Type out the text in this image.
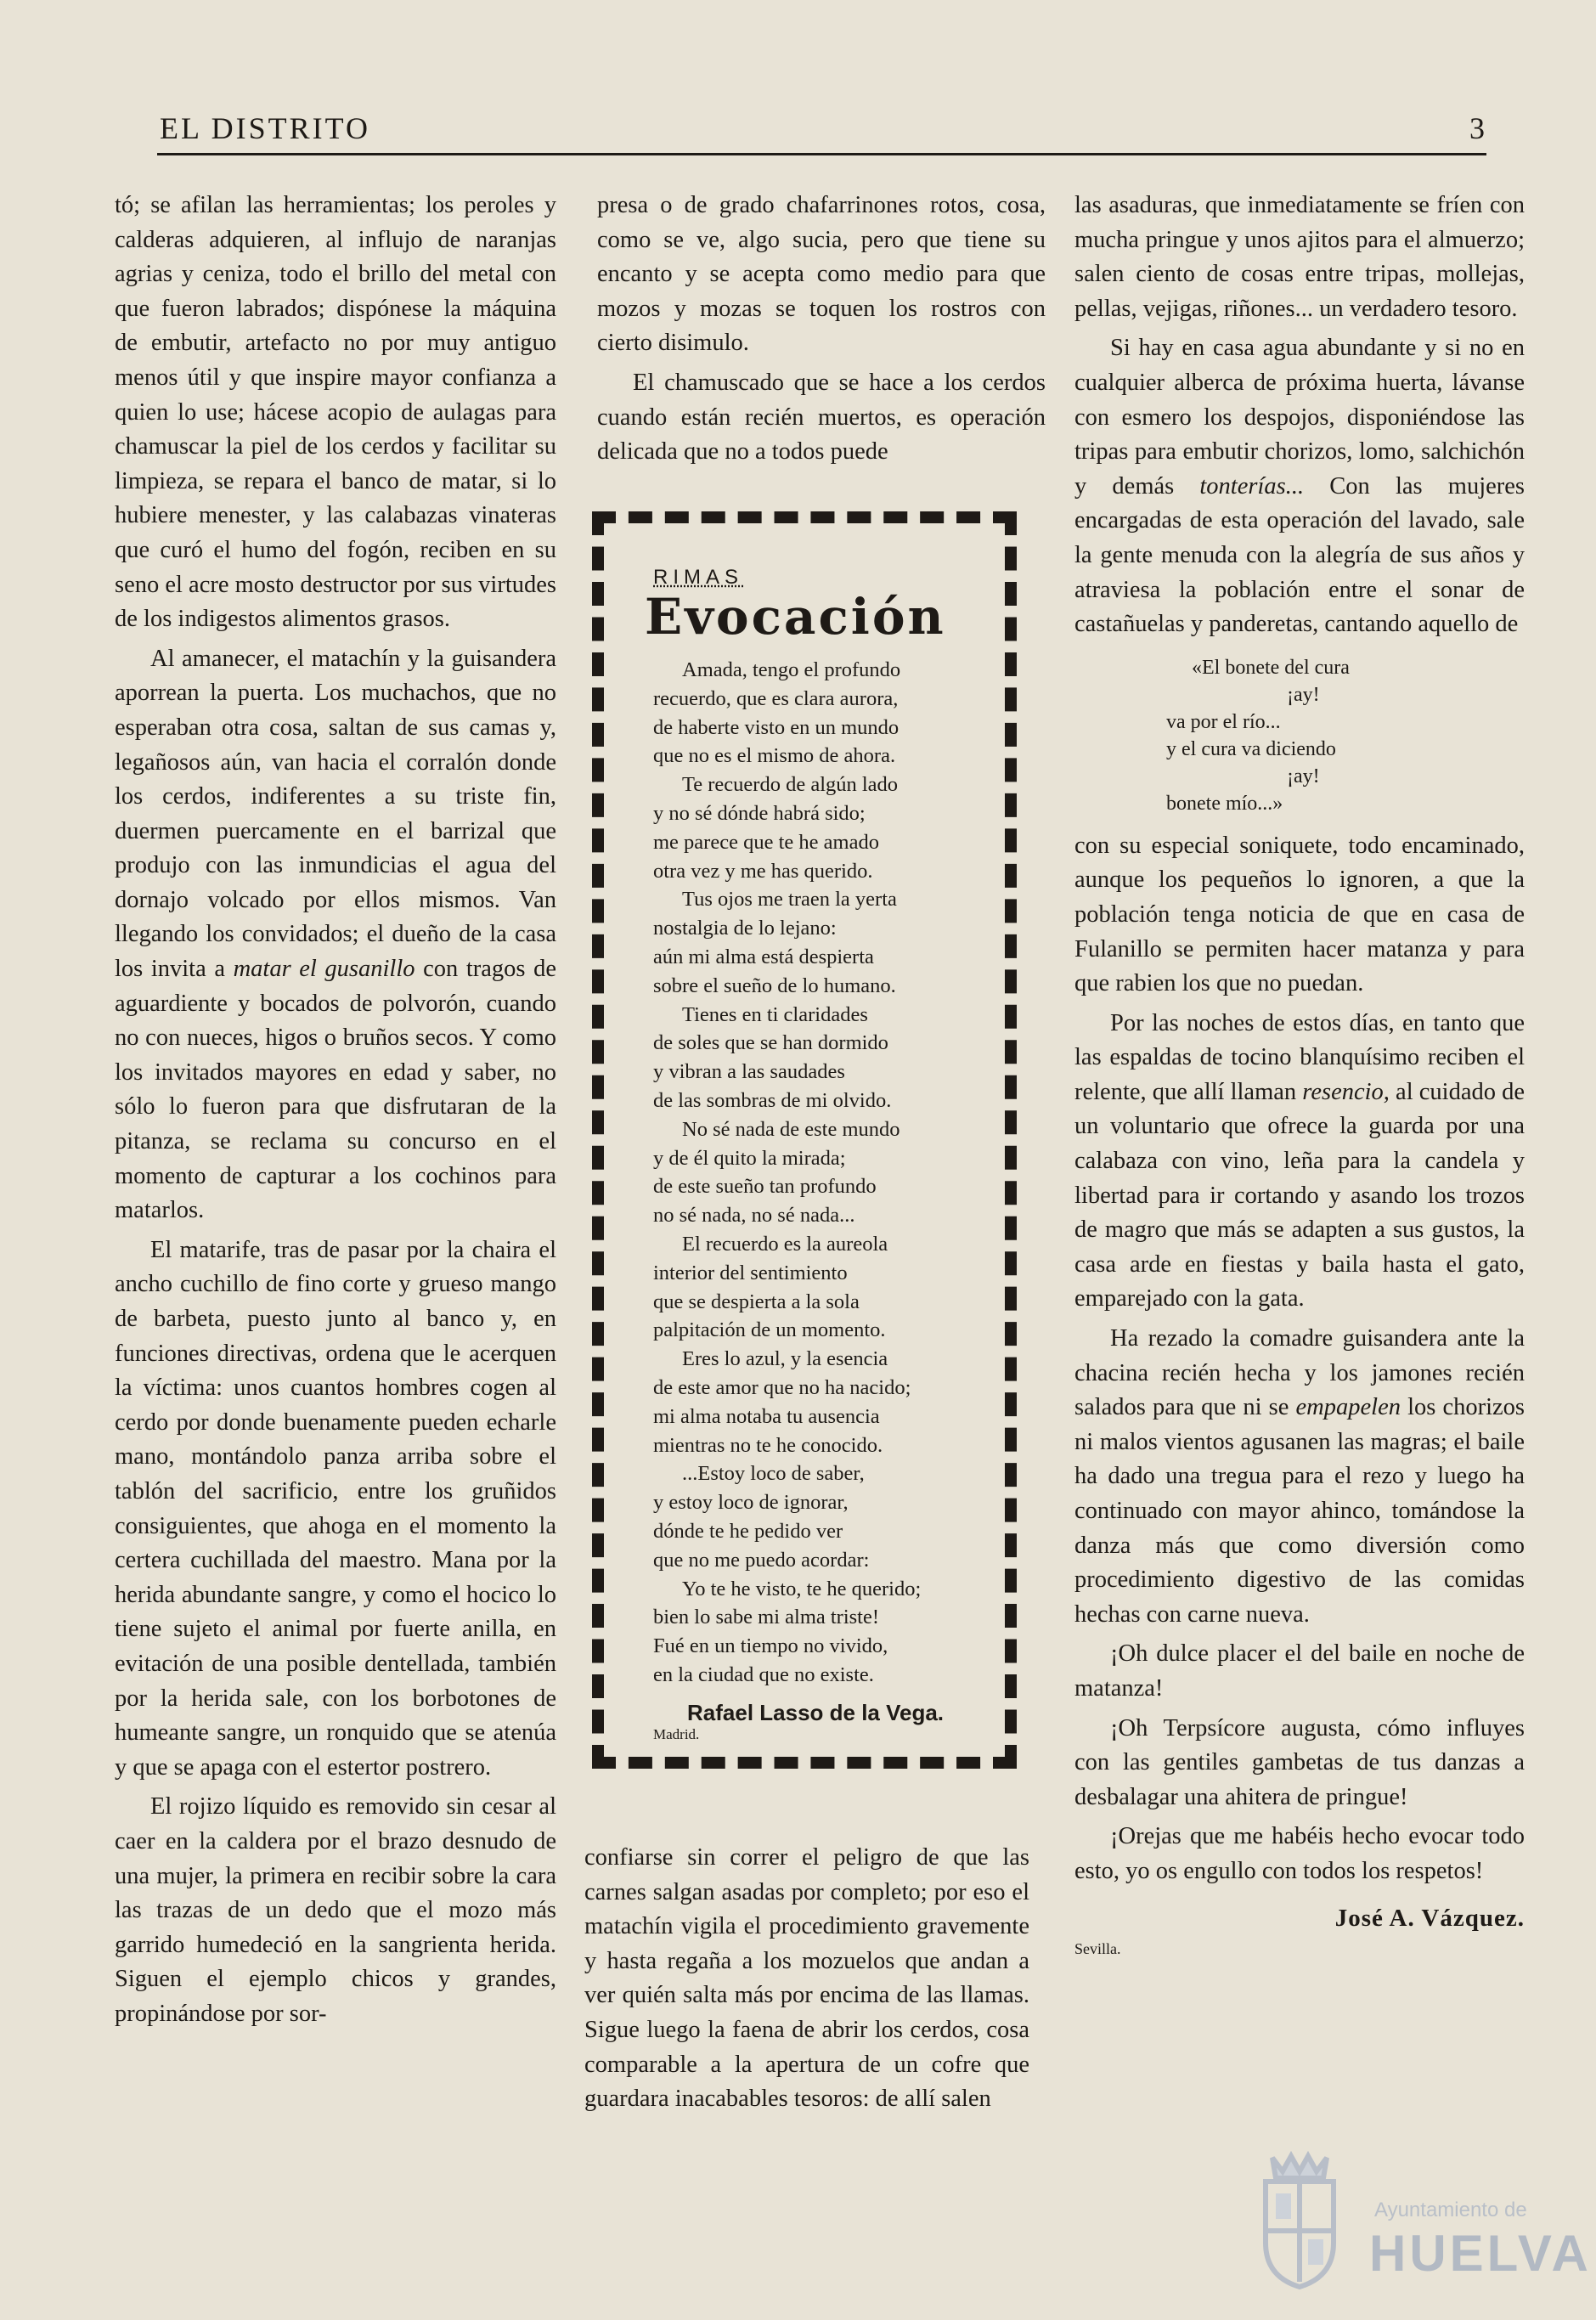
EL DISTRITO	3

tó; se afilan las herramientas; los peroles y calderas adquieren, al influjo de naranjas agrias y ceniza, todo el brillo del metal con que fueron labrados; dispónese la máquina de embutir, artefacto no por muy antiguo menos útil y que inspire mayor confianza a quien lo use; hácese acopio de aulagas para chamuscar la piel de los cerdos y facilitar su limpieza, se repara el banco de matar, si lo hubiere menester, y las calabazas vinateras que curó el humo del fogón, reciben en su seno el acre mosto destructor por sus virtudes de los indigestos alimentos grasos.

Al amanecer, el matachín y la guisandera aporrean la puerta. Los muchachos, que no esperaban otra cosa, saltan de sus camas y, legañosos aún, van hacia el corralón donde los cerdos, indiferentes a su triste fin, duermen puercamente en el barrizal que produjo con las inmundicias el agua del dornajo volcado por ellos mismos. Van llegando los convidados; el dueño de la casa los invita a matar el gusanillo con tragos de aguardiente y bocados de polvorón, cuando no con nueces, higos o bruños secos. Y como los invitados mayores en edad y saber, no sólo lo fueron para que disfrutaran de la pitanza, se reclama su concurso en el momento de capturar a los cochinos para matarlos.

El matarife, tras de pasar por la chaira el ancho cuchillo de fino corte y grueso mango de barbeta, puesto junto al banco y, en funciones directivas, ordena que le acerquen la víctima: unos cuantos hombres cogen al cerdo por donde buenamente pueden echarle mano, montándolo panza arriba sobre el tablón del sacrificio, entre los gruñidos consiguientes, que ahoga en el momento la certera cuchillada del maestro. Mana por la herida abundante sangre, y como el hocico lo tiene sujeto el animal por fuerte anilla, en evitación de una posible dentellada, también por la herida sale, con los borbotones de humeante sangre, un ronquido que se atenúa y que se apaga con el estertor postrero.

El rojizo líquido es removido sin cesar al caer en la caldera por el brazo desnudo de una mujer, la primera en recibir sobre la cara las trazas de un dedo que el mozo más garrido humedeció en la sangrienta herida. Siguen el ejemplo chicos y grandes, propinándose por sor-

presa o de grado chafarrinones rotos, cosa, como se ve, algo sucia, pero que tiene su encanto y se acepta como medio para que mozos y mozas se toquen los rostros con cierto disimulo.

El chamuscado que se hace a los cerdos cuando están recién muertos, es operación delicada que no a todos puede

RIMAS
Evocación
Amada, tengo el profundo
recuerdo, que es clara aurora,
de haberte visto en un mundo
que no es el mismo de ahora.
Te recuerdo de algún lado
y no sé dónde habrá sido;
me parece que te he amado
otra vez y me has querido.
Tus ojos me traen la yerta
nostalgia de lo lejano:
aún mi alma está despierta
sobre el sueño de lo humano.
Tienes en ti claridades
de soles que se han dormido
y vibran a las saudades
de las sombras de mi olvido.
No sé nada de este mundo
y de él quito la mirada;
de este sueño tan profundo
no sé nada, no sé nada...
El recuerdo es la aureola
interior del sentimiento
que se despierta a la sola
palpitación de un momento.
Eres lo azul, y la esencia
de este amor que no ha nacido;
mi alma notaba tu ausencia
mientras no te he conocido.
...Estoy loco de saber,
y estoy loco de ignorar,
dónde te he pedido ver
que no me puedo acordar:
Yo te he visto, te he querido;
bien lo sabe mi alma triste!
Fué en un tiempo no vivido,
en la ciudad que no existe.
Rafael Lasso de la Vega.
Madrid.

confiarse sin correr el peligro de que las carnes salgan asadas por completo; por eso el matachín vigila el procedimiento gravemente y hasta regaña a los mozuelos que andan a ver quién salta más por encima de las llamas. Sigue luego la faena de abrir los cerdos, cosa comparable a la apertura de un cofre que guardara inacabables tesoros: de allí salen

las asaduras, que inmediatamente se fríen con mucha pringue y unos ajitos para el almuerzo; salen ciento de cosas entre tripas, mollejas, pellas, vejigas, riñones... un verdadero tesoro.

Si hay en casa agua abundante y si no en cualquier alberca de próxima huerta, lávanse con esmero los despojos, disponiéndose las tripas para embutir chorizos, lomo, salchichón y demás tonterías... Con las mujeres encargadas de esta operación del lavado, sale la gente menuda con la alegría de sus años y atraviesa la población entre el sonar de castañuelas y panderetas, cantando aquello de

«El bonete del cura
¡ay!
va por el río...
y el cura va diciendo
¡ay!
bonete mío...»

con su especial soniquete, todo encaminado, aunque los pequeños lo ignoren, a que la población tenga noticia de que en casa de Fulanillo se permiten hacer matanza y para que rabien los que no puedan.

Por las noches de estos días, en tanto que las espaldas de tocino blanquísimo reciben el relente, que allí llaman resencio, al cuidado de un voluntario que ofrece la guarda por una calabaza con vino, leña para la candela y libertad para ir cortando y asando los trozos de magro que más se adapten a sus gustos, la casa arde en fiestas y baila hasta el gato, emparejado con la gata.

Ha rezado la comadre guisandera ante la chacina recién hecha y los jamones recién salados para que ni se empapelen los chorizos ni malos vientos agusanen las magras; el baile ha dado una tregua para el rezo y luego ha continuado con mayor ahinco, tomándose la danza más que como diversión como procedimiento digestivo de las comidas hechas con carne nueva.

¡Oh dulce placer el del baile en noche de matanza!

¡Oh Terpsícore augusta, cómo influyes con las gentiles gambetas de tus danzas a desbalagar una ahitera de pringue!

¡Orejas que me habéis hecho evocar todo esto, yo os engullo con todos los respetos!

José A. Vázquez.
Sevilla.
Ayuntamiento de
HUELVA
